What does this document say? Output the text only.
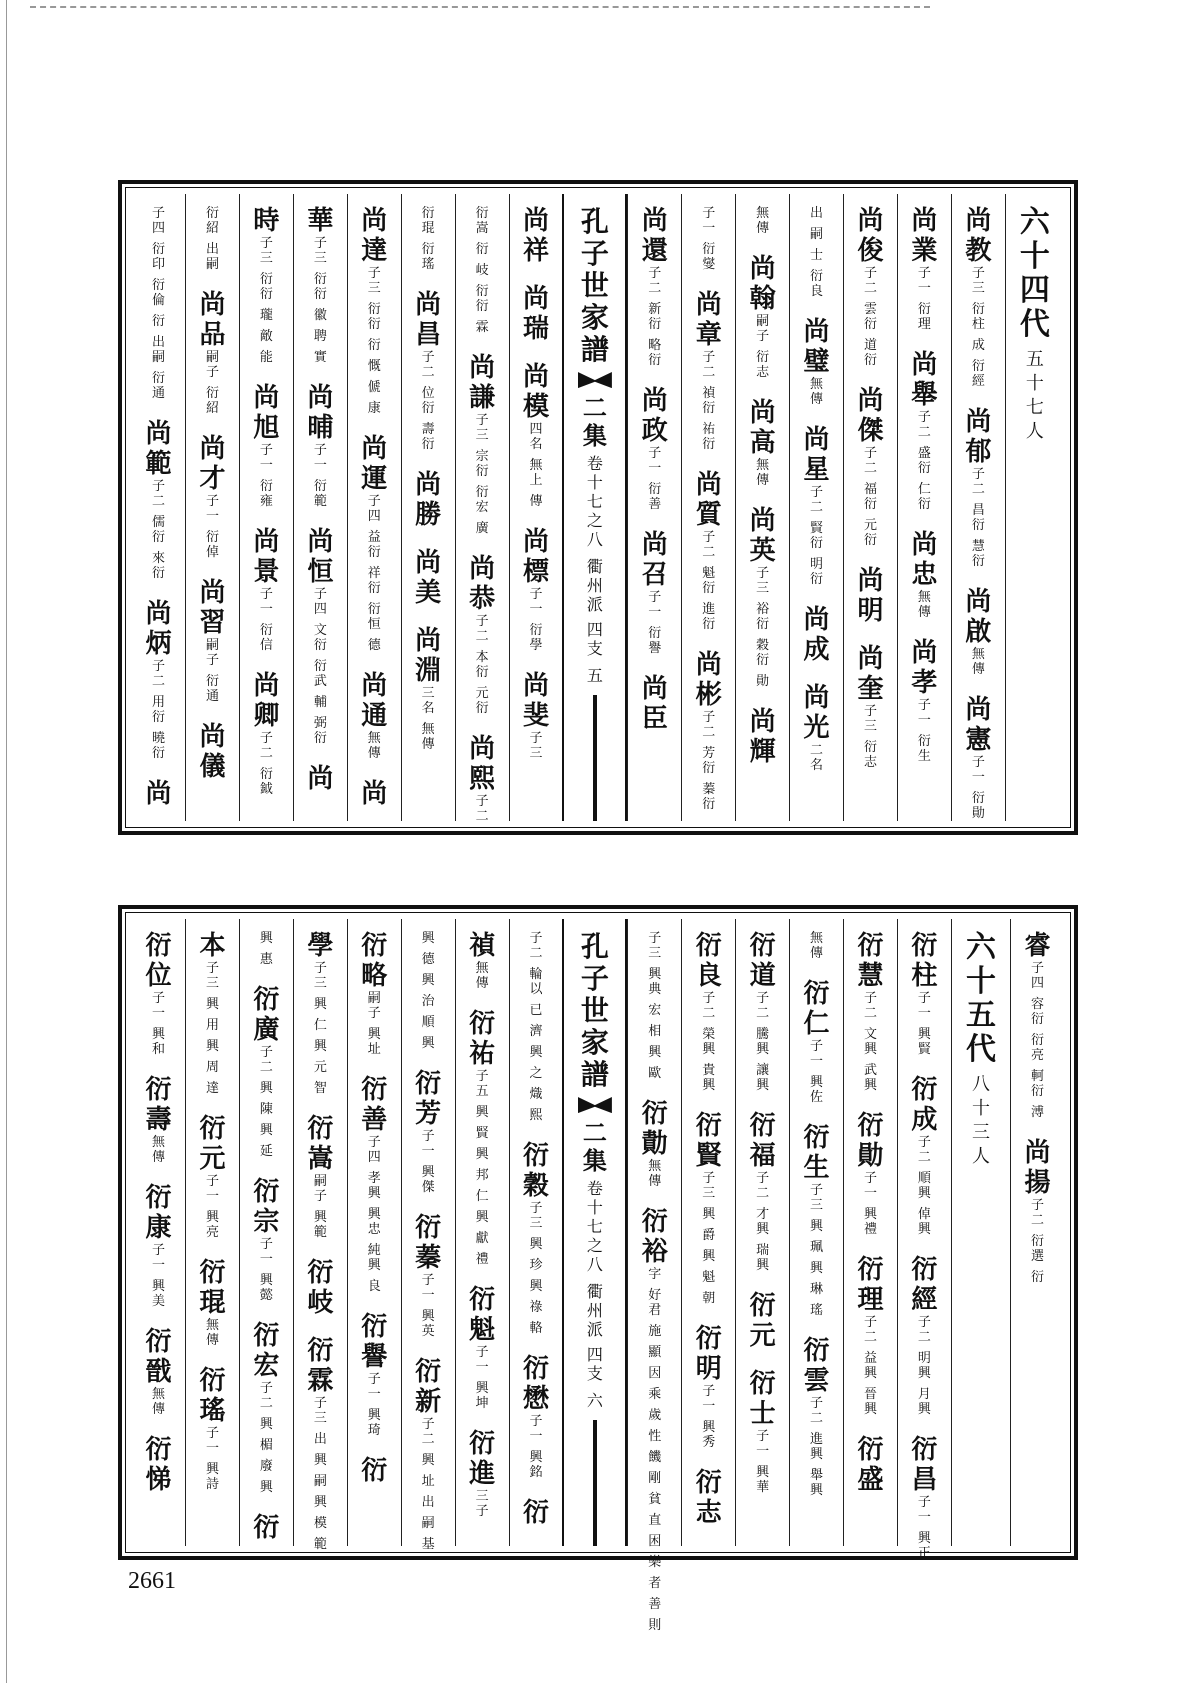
六
十
四
代
五
十
七
人
尚
教
子
三
衍
柱
成
衍
經
尚
郁
子
二
昌
衍
慧
衍
尚
啟
無
傳
尚
憲
子
一
衍
勛
尚
業
子
一
衍
理
尚
舉
子
二
盛
衍
仁
衍
尚
忠
無
傳
尚
孝
子
一
衍
生
尚
俊
子
二
雲
衍
道
衍
尚
傑
子
二
福
衍
元
衍
尚
明
尚
奎
子
三
衍
志
出
嗣
士
衍
良
尚
璧
無
傳
尚
星
子
二
賢
衍
明
衍
尚
成
尚
光
二
名
無
傳
尚
翰
嗣
子
衍
志
尚
高
無
傳
尚
英
子
三
裕
衍
穀
衍
勛
尚
輝
子
一
衍
燮
尚
章
子
二
禎
衍
祐
衍
尚
質
子
二
魁
衍
進
衍
尚
彬
子
二
芳
衍
蓁
衍
尚
還
子
二
新
衍
略
衍
尚
政
子
一
衍
善
尚
召
子
一
衍
譽
尚
臣
孔
子
世
家
譜
二
集
卷
十
七
之
八
衢
州
派
四
支
五
尚
祥
尚
瑞
尚
模
四
名
無
上
傳
尚
標
子
一
衍
學
尚
斐
子
三
衍
嵩
衍
岐
衍
衍
霖
尚
謙
子
三
宗
衍
衍
宏
廣
尚
恭
子
二
本
衍
元
衍
尚
熙
子
二
衍
琨
衍
瑤
尚
昌
子
二
位
衍
壽
衍
尚
勝
尚
美
尚
淵
三
名
無
傳
尚
達
子
三
衍
衍
衍
慨
傂
康
尚
運
子
四
益
衍
祥
衍
衍
恒
德
尚
通
無
傳
尚
華
子
三
衍
衍
徽
聘
實
尚
晡
子
一
衍
範
尚
恒
子
四
文
衍
衍
武
輔
弼
衍
尚
時
子
三
衍
衍
瓏
敵
能
尚
旭
子
一
衍
雍
尚
景
子
一
衍
信
尚
卿
子
二
衍
鉞
衍
紹
出
嗣
尚
品
嗣
子
衍
紹
尚
才
子
一
衍
倬
尚
習
嗣
子
衍
通
尚
儀
子
四
衍
印
衍
倫
衍
出
嗣
衍
通
尚
範
子
二
儒
衍
來
衍
尚
炳
子
二
用
衍
曉
衍
尚
睿
子
四
容
衍
衍
亮
軻
衍
溥
尚
揚
子
二
衍
選
衍
六
十
五
代
八
十
三
人
衍
柱
子
一
興
賢
衍
成
子
二
順
興
倬
興
衍
經
子
二
明
興
月
興
衍
昌
子
一
興
正
衍
慧
子
二
文
興
武
興
衍
勛
子
一
興
禮
衍
理
子
二
益
興
晉
興
衍
盛
無
傳
衍
仁
子
一
興
佐
衍
生
子
三
興
珮
興
琳
瑤
衍
雲
子
二
進
興
舉
興
衍
道
子
二
騰
興
讓
興
衍
福
子
二
才
興
瑞
興
衍
元
衍
士
子
一
興
華
衍
良
子
二
榮
興
貴
興
衍
賢
子
三
興
爵
興
魁
朝
衍
明
子
一
興
秀
衍
志
子
三
興
典
宏
相
興
歐
衍
勣
無
傳
衍
裕
字
好
君
施
顯
因
乘
歲
性
饑
剛
貧
直
困
樂
者
善
則
孔
子
世
家
譜
二
集
卷
十
七
之
八
衢
州
派
四
支
六
子
二
輪
以
已
濟
興
之
熾
熙
衍
穀
子
三
興
珍
興
祿
輅
衍
懋
子
一
興
銘
衍
禎
無
傳
衍
祐
子
五
興
賢
興
邦
仁
興
獻
禮
衍
魁
子
一
興
坤
衍
進
三
子
興
德
興
治
順
興
衍
芳
子
一
興
傑
衍
蓁
子
一
興
英
衍
新
子
二
興
址
出
嗣
基
衍
略
嗣
子
興
址
衍
善
子
四
孝
興
興
忠
純
興
良
衍
譽
子
一
興
琦
衍
學
子
三
興
仁
興
元
智
衍
嵩
嗣
子
興
範
衍
岐
衍
霖
子
三
出
興
嗣
興
模
範
興
惠
衍
廣
子
二
興
陳
興
延
衍
宗
子
一
興
懿
衍
宏
子
二
興
楣
廢
興
衍
本
子
三
興
用
興
周
達
衍
元
子
一
興
亮
衍
琨
無
傳
衍
瑤
子
一
興
詩
衍
位
子
一
興
和
衍
壽
無
傳
衍
康
子
一
興
美
衍
戩
無
傳
衍
悌
2661
